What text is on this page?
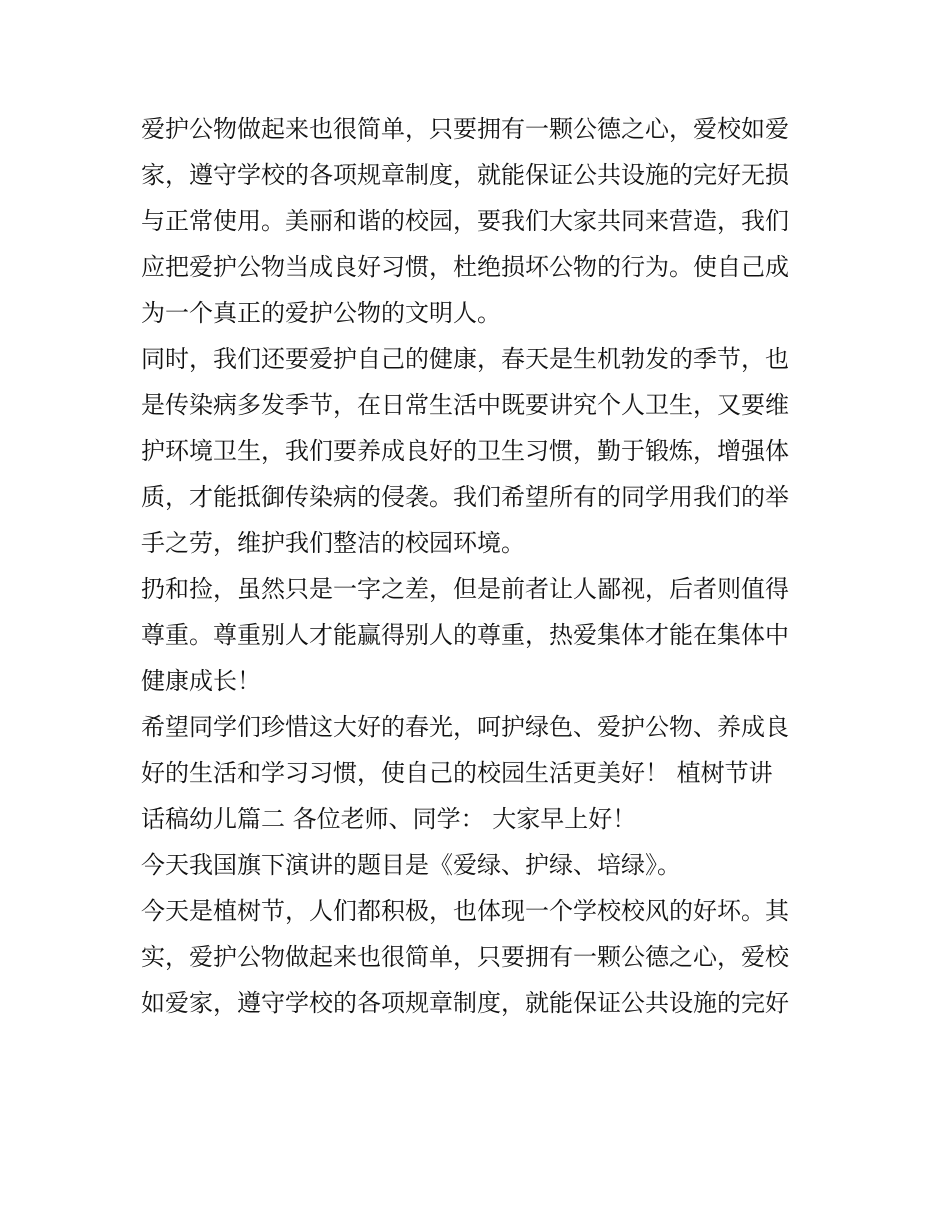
爱护公物做起来也很简单，只要拥有一颗公德之心，爱校如爱
家，遵守学校的各项规章制度，就能保证公共设施的完好无损
与正常使用。美丽和谐的校园，要我们大家共同来营造，我们
应把爱护公物当成良好习惯，杜绝损坏公物的行为。使自己成
为一个真正的爱护公物的文明人。
同时，我们还要爱护自己的健康，春天是生机勃发的季节，也
是传染病多发季节，在日常生活中既要讲究个人卫生，又要维
护环境卫生，我们要养成良好的卫生习惯，勤于锻炼，增强体
质，才能抵御传染病的侵袭。我们希望所有的同学用我们的举
手之劳，维护我们整洁的校园环境。
扔和捡，虽然只是一字之差，但是前者让人鄙视，后者则值得
尊重。尊重别人才能赢得别人的尊重，热爱集体才能在集体中
健康成长！
希望同学们珍惜这大好的春光，呵护绿色、爱护公物、养成良
好的生活和学习习惯，使自己的校园生活更美好！ 植树节讲
话稿幼儿篇二 各位老师、同学： 大家早上好！
今天我国旗下演讲的题目是《爱绿、护绿、培绿》。
今天是植树节，人们都积极，也体现一个学校校风的好坏。其
实，爱护公物做起来也很简单，只要拥有一颗公德之心，爱校
如爱家，遵守学校的各项规章制度，就能保证公共设施的完好
